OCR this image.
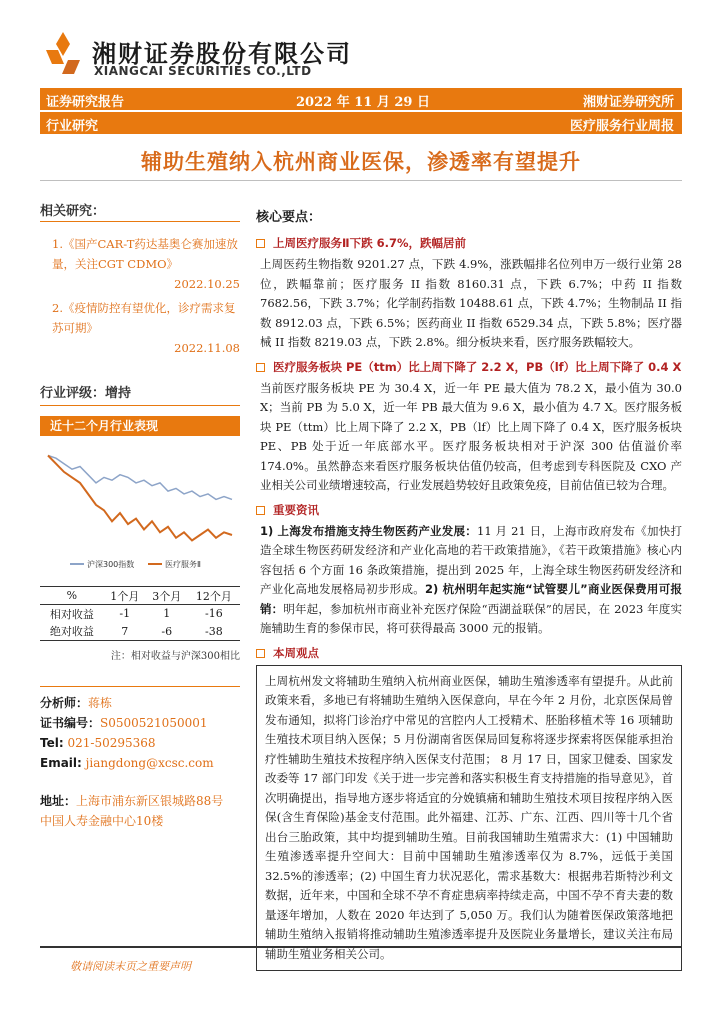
湘财证券股份有限公司
XIANGCAI SECURITIES CO.,LTD
证券研究报告	2022 年 11 月 29 日	湘财证券研究所
行业研究	医疗服务行业周报
辅助生殖纳入杭州商业医保，渗透率有望提升
相关研究：
1.《国产CAR-T药达基奥仑赛加速放量，关注CGT CDMO》
2022.10.25
2.《疫情防控有望优化，诊疗需求复苏可期》
2022.11.08
行业评级：增持
近十二个月行业表现
沪深300指数	医疗服务Ⅱ
%	1个月	3个月	12个月
相对收益	-1	1	-16
绝对收益	7	-6	-38
注：相对收益与沪深300相比
分析师：蒋栋
证书编号：S0500521050001
Tel: 021-50295368
Email: jiangdong@xcsc.com
地址：上海市浦东新区银城路88号
中国人寿金融中心10楼
核心要点：
上周医疗服务Ⅱ下跌 6.7%，跌幅居前
上周医药生物指数 9201.27 点，下跌 4.9%，涨跌幅排名位列申万一级行业第 28 位，跌幅靠前；医疗服务 II 指数 8160.31 点，下跌 6.7%；中药 II 指数 7682.56，下跌 3.7%；化学制药指数 10488.61 点，下跌 4.7%；生物制品 II 指数 8912.03 点，下跌 6.5%；医药商业 II 指数 6529.34 点，下跌 5.8%；医疗器械 II 指数 8219.03 点，下跌 2.8%。细分板块来看，医疗服务跌幅较大。
医疗服务板块 PE（ttm）比上周下降了 2.2 X，PB（lf）比上周下降了 0.4 X
当前医疗服务板块 PE 为 30.4 X，近一年 PE 最大值为 78.2 X，最小值为 30.0 X；当前 PB 为 5.0 X，近一年 PB 最大值为 9.6 X，最小值为 4.7 X。医疗服务板块 PE（ttm）比上周下降了 2.2 X，PB（lf）比上周下降了 0.4 X，医疗服务板块 PE、PB 处于近一年底部水平。医疗服务板块相对于沪深 300 估值溢价率 174.0%。虽然静态来看医疗服务板块估值仍较高，但考虑到专科医院及 CXO 产业相关公司业绩增速较高，行业发展趋势较好且政策免疫，目前估值已较为合理。
重要资讯
1) 上海发布措施支持生物医药产业发展：11 月 21 日，上海市政府发布《加快打造全球生物医药研发经济和产业化高地的若干政策措施》，《若干政策措施》核心内容包括 6 个方面 16 条政策措施，提出到 2025 年，上海全球生物医药研发经济和产业化高地发展格局初步形成。2) 杭州明年起实施“试管婴儿”商业医保费用可报销：明年起，参加杭州市商业补充医疗保险“西湖益联保”的居民，在 2023 年度实施辅助生育的参保市民，将可获得最高 3000 元的报销。
本周观点
上周杭州发文将辅助生殖纳入杭州商业医保，辅助生殖渗透率有望提升。从此前政策来看，多地已有将辅助生殖纳入医保意向，早在今年 2 月份，北京医保局曾发布通知，拟将门诊治疗中常见的宫腔内人工授精术、胚胎移植术等 16 项辅助生殖技术项目纳入医保；5 月份湖南省医保局回复称将逐步探索将医保能承担治疗性辅助生殖技术按程序纳入医保支付范围； 8 月 17 日，国家卫健委、国家发改委等 17 部门印发《关于进一步完善和落实积极生育支持措施的指导意见》，首次明确提出，指导地方逐步将适宜的分娩镇痛和辅助生殖技术项目按程序纳入医保(含生育保险)基金支付范围。此外福建、江苏、广东、江西、四川等十几个省出台三胎政策，其中均提到辅助生殖。目前我国辅助生殖需求大：(1) 中国辅助生殖渗透率提升空间大：目前中国辅助生殖渗透率仅为 8.7%，远低于美国 32.5%的渗透率；(2) 中国生育力状况恶化，需求基数大：根据弗若斯特沙利文数据，近年来，中国和全球不孕不育症患病率持续走高，中国不孕不育夫妻的数量逐年增加，人数在 2020 年达到了 5,050 万。我们认为随着医保政策落地把辅助生殖纳入报销将推动辅助生殖渗透率提升及医院业务量增长，建议关注布局辅助生殖业务相关公司。
敬请阅读末页之重要声明
